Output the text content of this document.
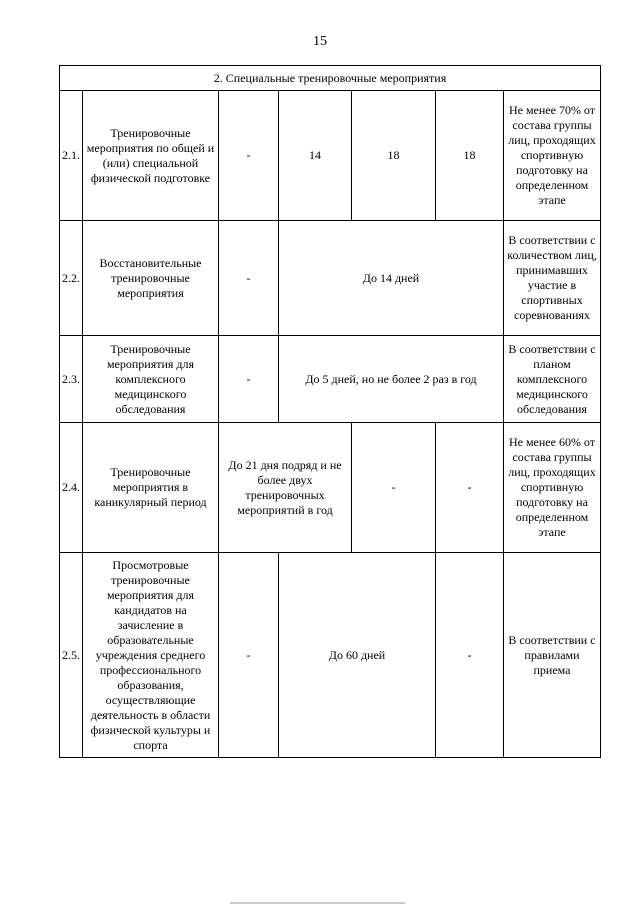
15
2. Специальные тренировочные мероприятия						
2.1.	Тренировочные мероприятия по общей и (или) специальной физической подготовке	-	14	18	18	Не менее 70% от состава группы лиц, проходящих спортивную подготовку на определенном этапе
2.2.	Восстановительные тренировочные мероприятия	-	До 14 дней			В соответствии с количеством лиц, принимавших участие в спортивных соревнованиях
2.3.	Тренировочные мероприятия для комплексного медицинского обследования	-	До 5 дней, но не более 2 раз в год			В соответствии с планом комплексного медицинского обследования
2.4.	Тренировочные мероприятия в каникулярный период	До 21 дня подряд и не более двух тренировочных мероприятий в год		-	-	Не менее 60% от состава группы лиц, проходящих спортивную подготовку на определенном этапе
2.5.	Просмотровые тренировочные мероприятия для кандидатов на зачисление в образовательные учреждения среднего профессионального образования, осуществляющие деятельность в области физической культуры и спорта	-	До 60 дней		-	В соответствии с правилами приема
